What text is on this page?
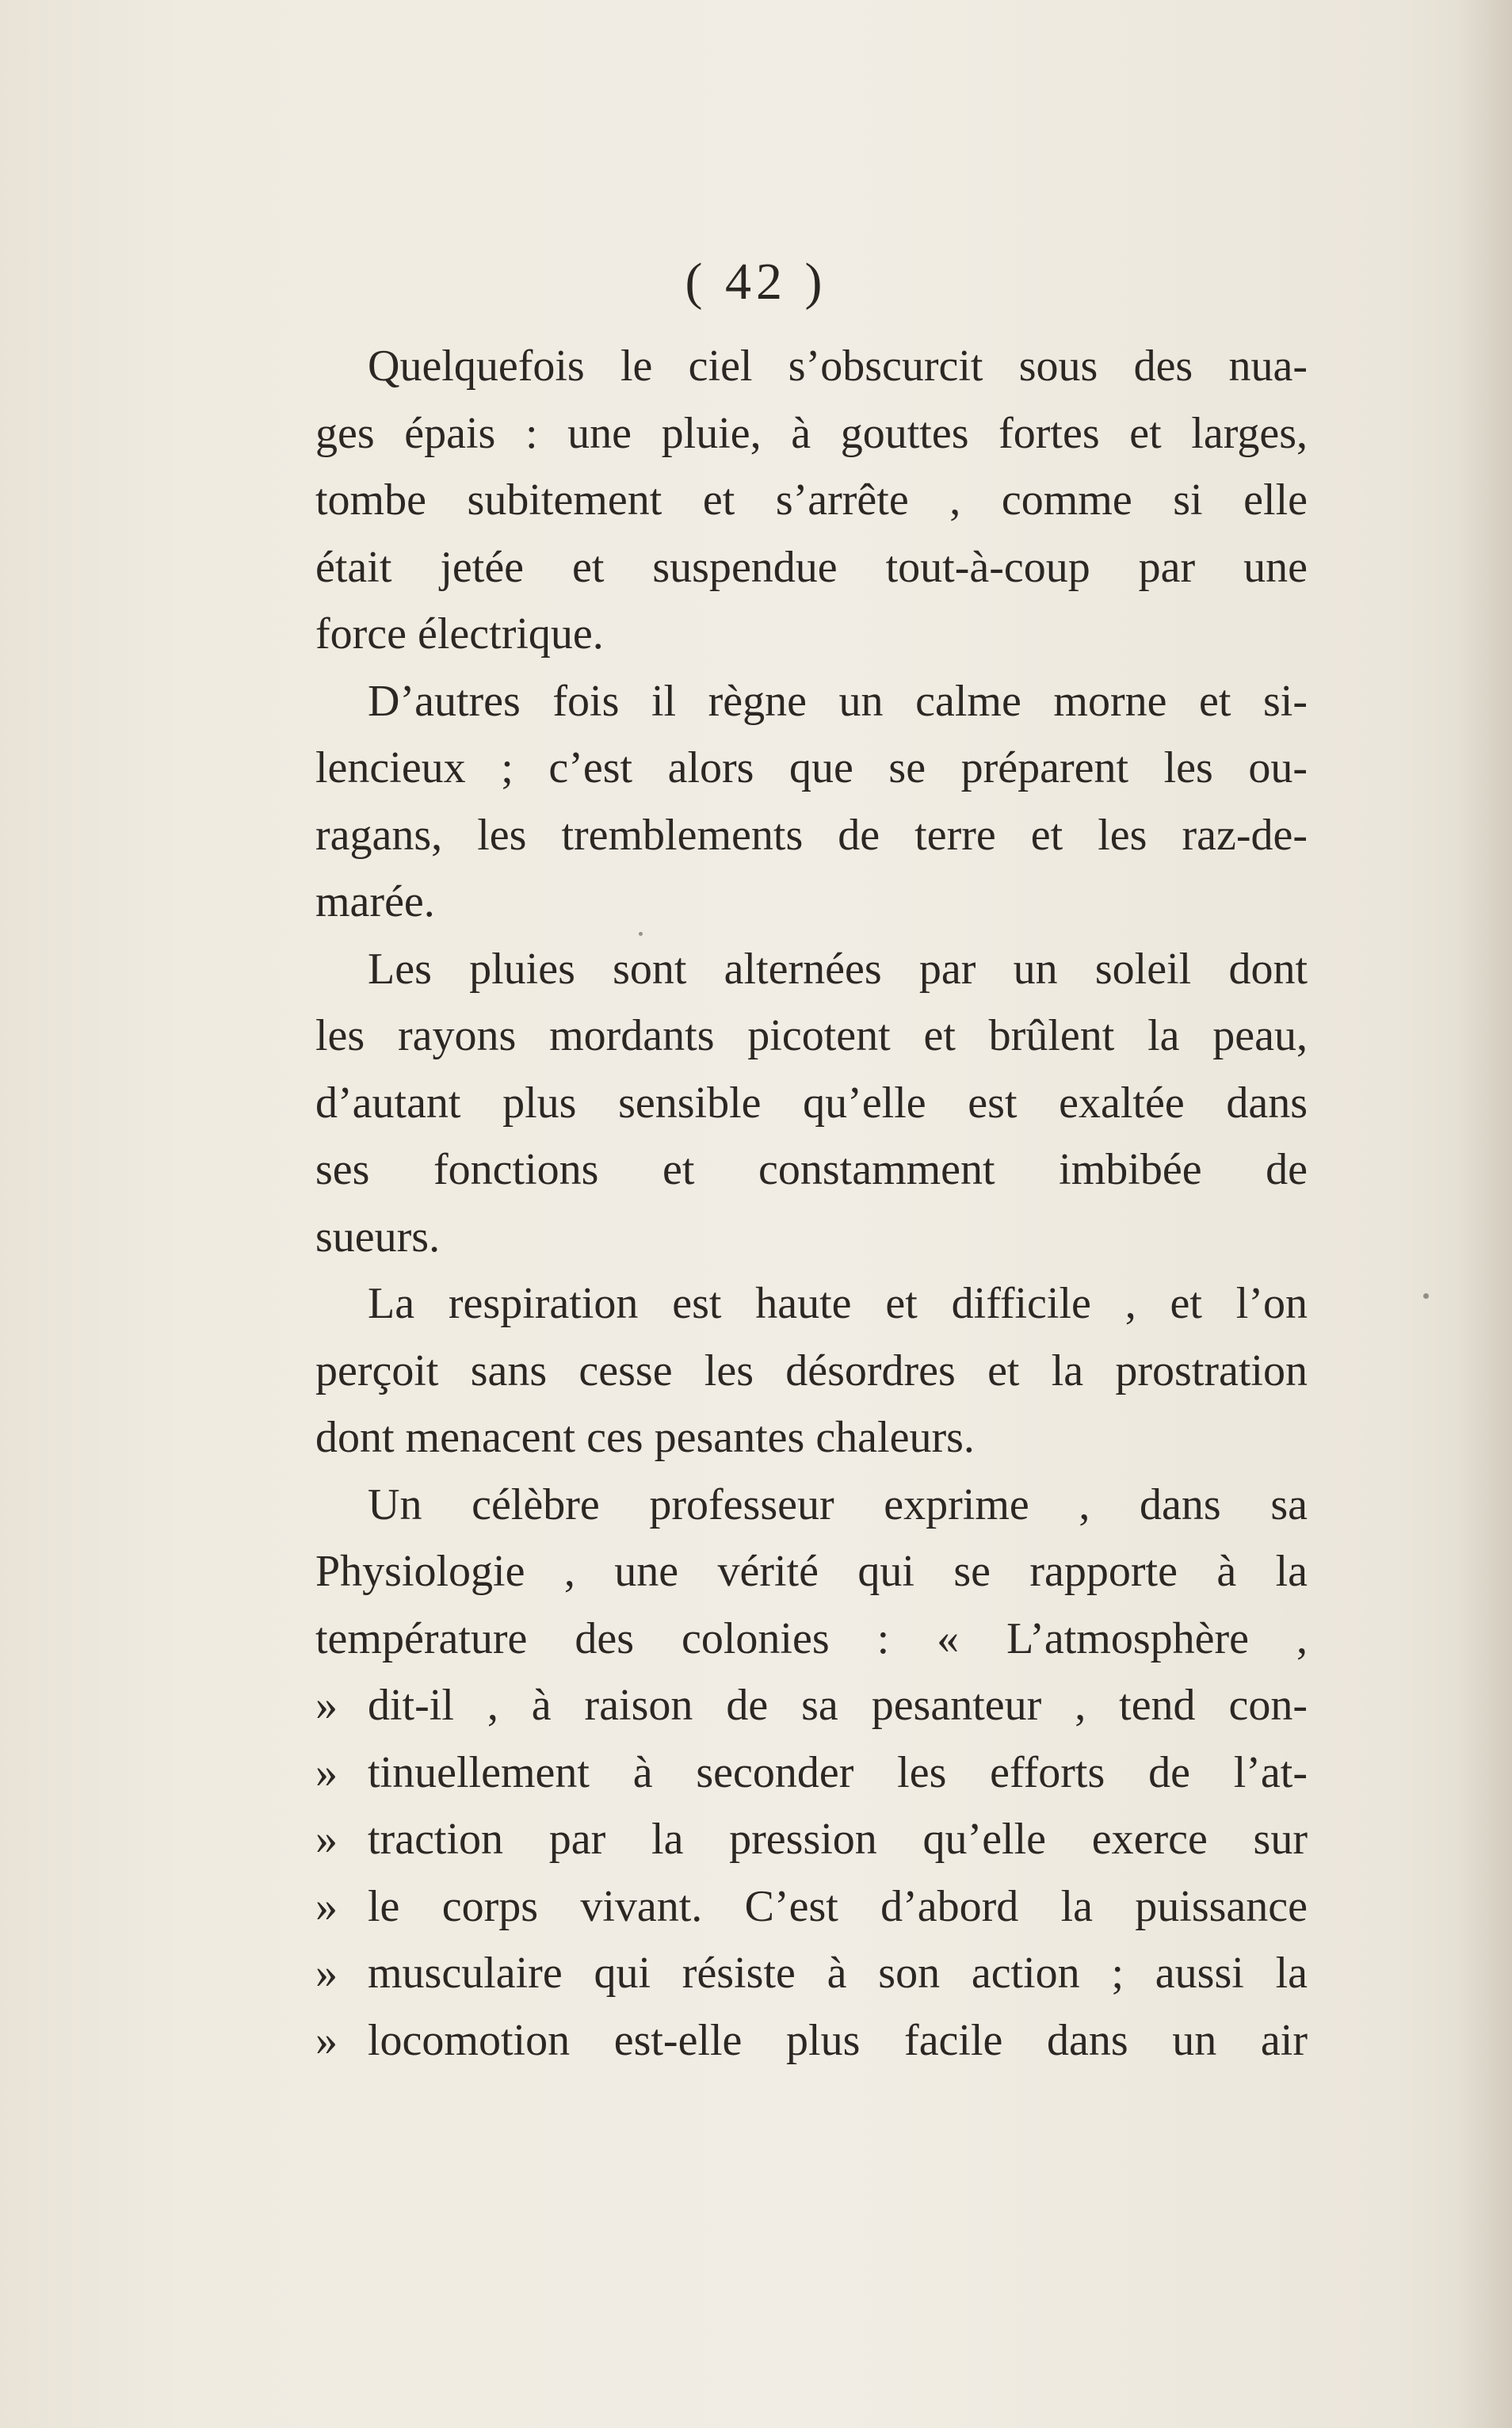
( 42 )
Quelquefois le ciel s’obscurcit sous des nua-
ges épais : une pluie, à gouttes fortes et larges,
tombe subitement et s’arrête , comme si elle
était jetée et suspendue tout-à-coup par une
force électrique.
D’autres fois il règne un calme morne et si-
lencieux ; c’est alors que se préparent les ou-
ragans, les tremblements de terre et les raz-de-
marée.
Les pluies sont alternées par un soleil dont
les rayons mordants picotent et brûlent la peau,
d’autant plus sensible qu’elle est exaltée dans
ses fonctions et constamment imbibée de
sueurs.
La respiration est haute et difficile , et l’on
perçoit sans cesse les désordres et la prostration
dont menacent ces pesantes chaleurs.
Un célèbre professeur exprime , dans sa
Physiologie , une vérité qui se rapporte à la
température des colonies : « L’atmosphère ,
» dit-il , à raison de sa pesanteur , tend con-
» tinuellement à seconder les efforts de l’at-
» traction par la pression qu’elle exerce sur
» le corps vivant. C’est d’abord la puissance
» musculaire qui résiste à son action ; aussi la
» locomotion est-elle plus facile dans un air
